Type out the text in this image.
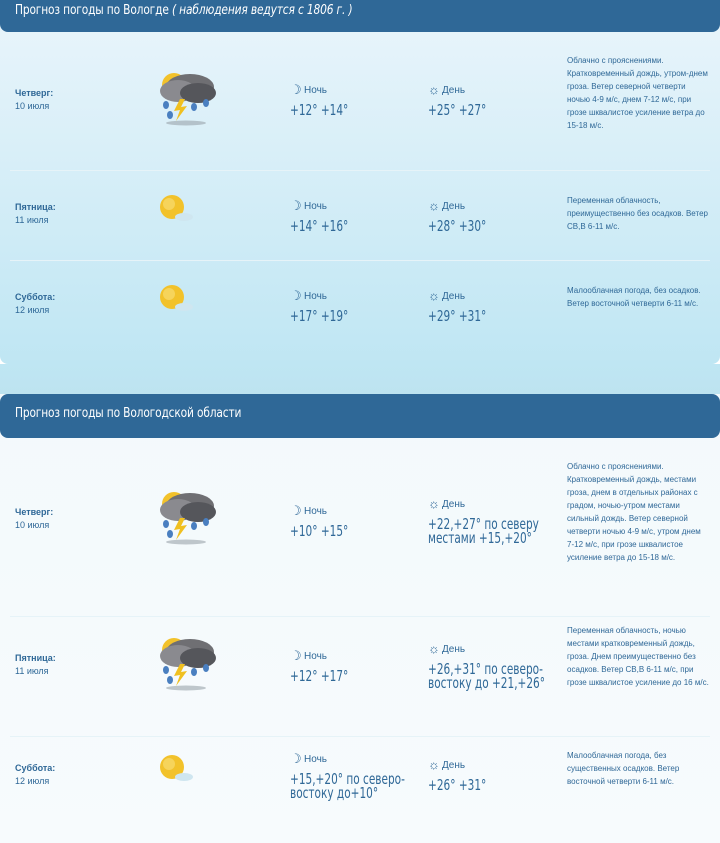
Прогноз погоды по Вологде ( наблюдения ведутся с 1806 г. )
Четверг:
10 июля
☽ Ночь
+12° +14°
☼ День
+25° +27°
Облачно с прояснениями. Кратковременный дождь, утром-днем гроза. Ветер северной четверти ночью 4-9 м/с, днем 7-12 м/с, при грозе шквалистое усиление ветра до 15-18 м/с.
Пятница:
11 июля
☽ Ночь
+14° +16°
☼ День
+28° +30°
Переменная облачность, преимущественно без осадков. Ветер СВ,В 6-11 м/с.
Суббота:
12 июля
☽ Ночь
+17° +19°
☼ День
+29° +31°
Малооблачная погода, без осадков. Ветер восточной четверти 6-11 м/с.
Прогноз погоды по Вологодской области
Четверг:
10 июля
☽ Ночь
+10° +15°
☼ День
+22,+27° по северу
местами +15,+20°
Облачно с прояснениями. Кратковременный дождь, местами гроза, днем в отдельных районах с градом, ночью-утром местами сильный дождь. Ветер северной четверти ночью 4-9 м/с, утром днем 7-12 м/с, при грозе шквалистое усиление ветра до 15-18 м/с.
Пятница:
11 июля
☽ Ночь
+12° +17°
☼ День
+26,+31° по северо-
востоку до +21,+26°
Переменная облачность, ночью местами кратковременный дождь, гроза. Днем преимущественно без осадков. Ветер СВ,В 6-11 м/с, при грозе шквалистое усиление до 16 м/с.
Суббота:
12 июля
☽ Ночь
+15,+20° по северо-
востоку до+10°
☼ День
+26° +31°
Малооблачная погода, без существенных осадков. Ветер восточной четверти 6-11 м/с.
